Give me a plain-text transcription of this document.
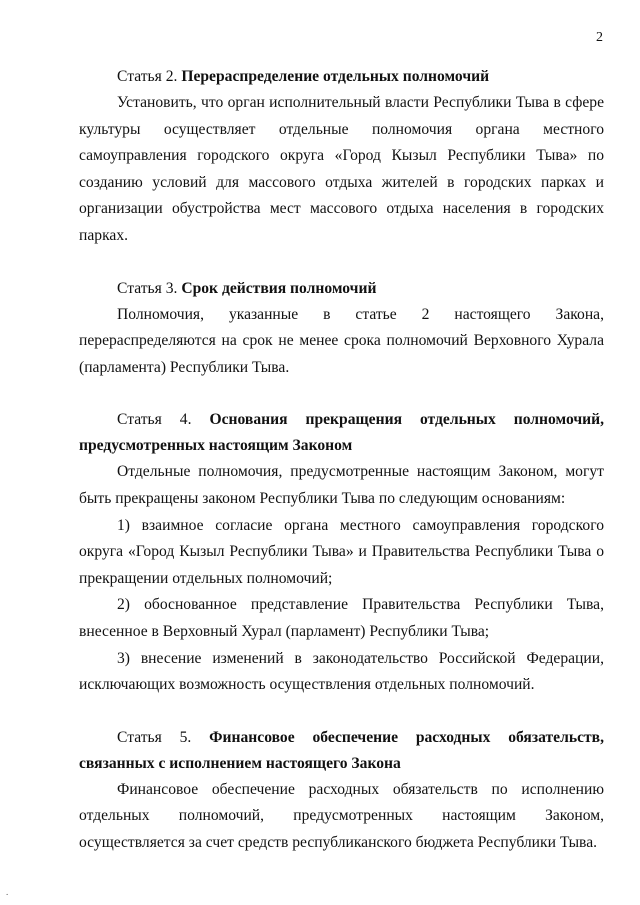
2

Статья 2. Перераспределение отдельных полномочий

Установить, что орган исполнительный власти Республики Тыва в сфере культуры осуществляет отдельные полномочия органа местного самоуправления городского округа «Город Кызыл Республики Тыва» по созданию условий для массового отдыха жителей в городских парках и организации обустройства мест массового отдыха населения в городских парках.

Статья 3. Срок действия полномочий

Полномочия, указанные в статье 2 настоящего Закона, перераспределяются на срок не менее срока полномочий Верховного Хурала (парламента) Республики Тыва.

Статья 4. Основания прекращения отдельных полномочий, предусмотренных настоящим Законом

Отдельные полномочия, предусмотренные настоящим Законом, могут быть прекращены законом Республики Тыва по следующим основаниям:

1) взаимное согласие органа местного самоуправления городского округа «Город Кызыл Республики Тыва» и Правительства Республики Тыва о прекращении отдельных полномочий;

2) обоснованное представление Правительства Республики Тыва, внесенное в Верховный Хурал (парламент) Республики Тыва;

3) внесение изменений в законодательство Российской Федерации, исключающих возможность осуществления отдельных полномочий.

Статья 5. Финансовое обеспечение расходных обязательств, связанных с исполнением настоящего Закона

Финансовое обеспечение расходных обязательств по исполнению отдельных полномочий, предусмотренных настоящим Законом, осуществляется за счет средств республиканского бюджета Республики Тыва.

.
